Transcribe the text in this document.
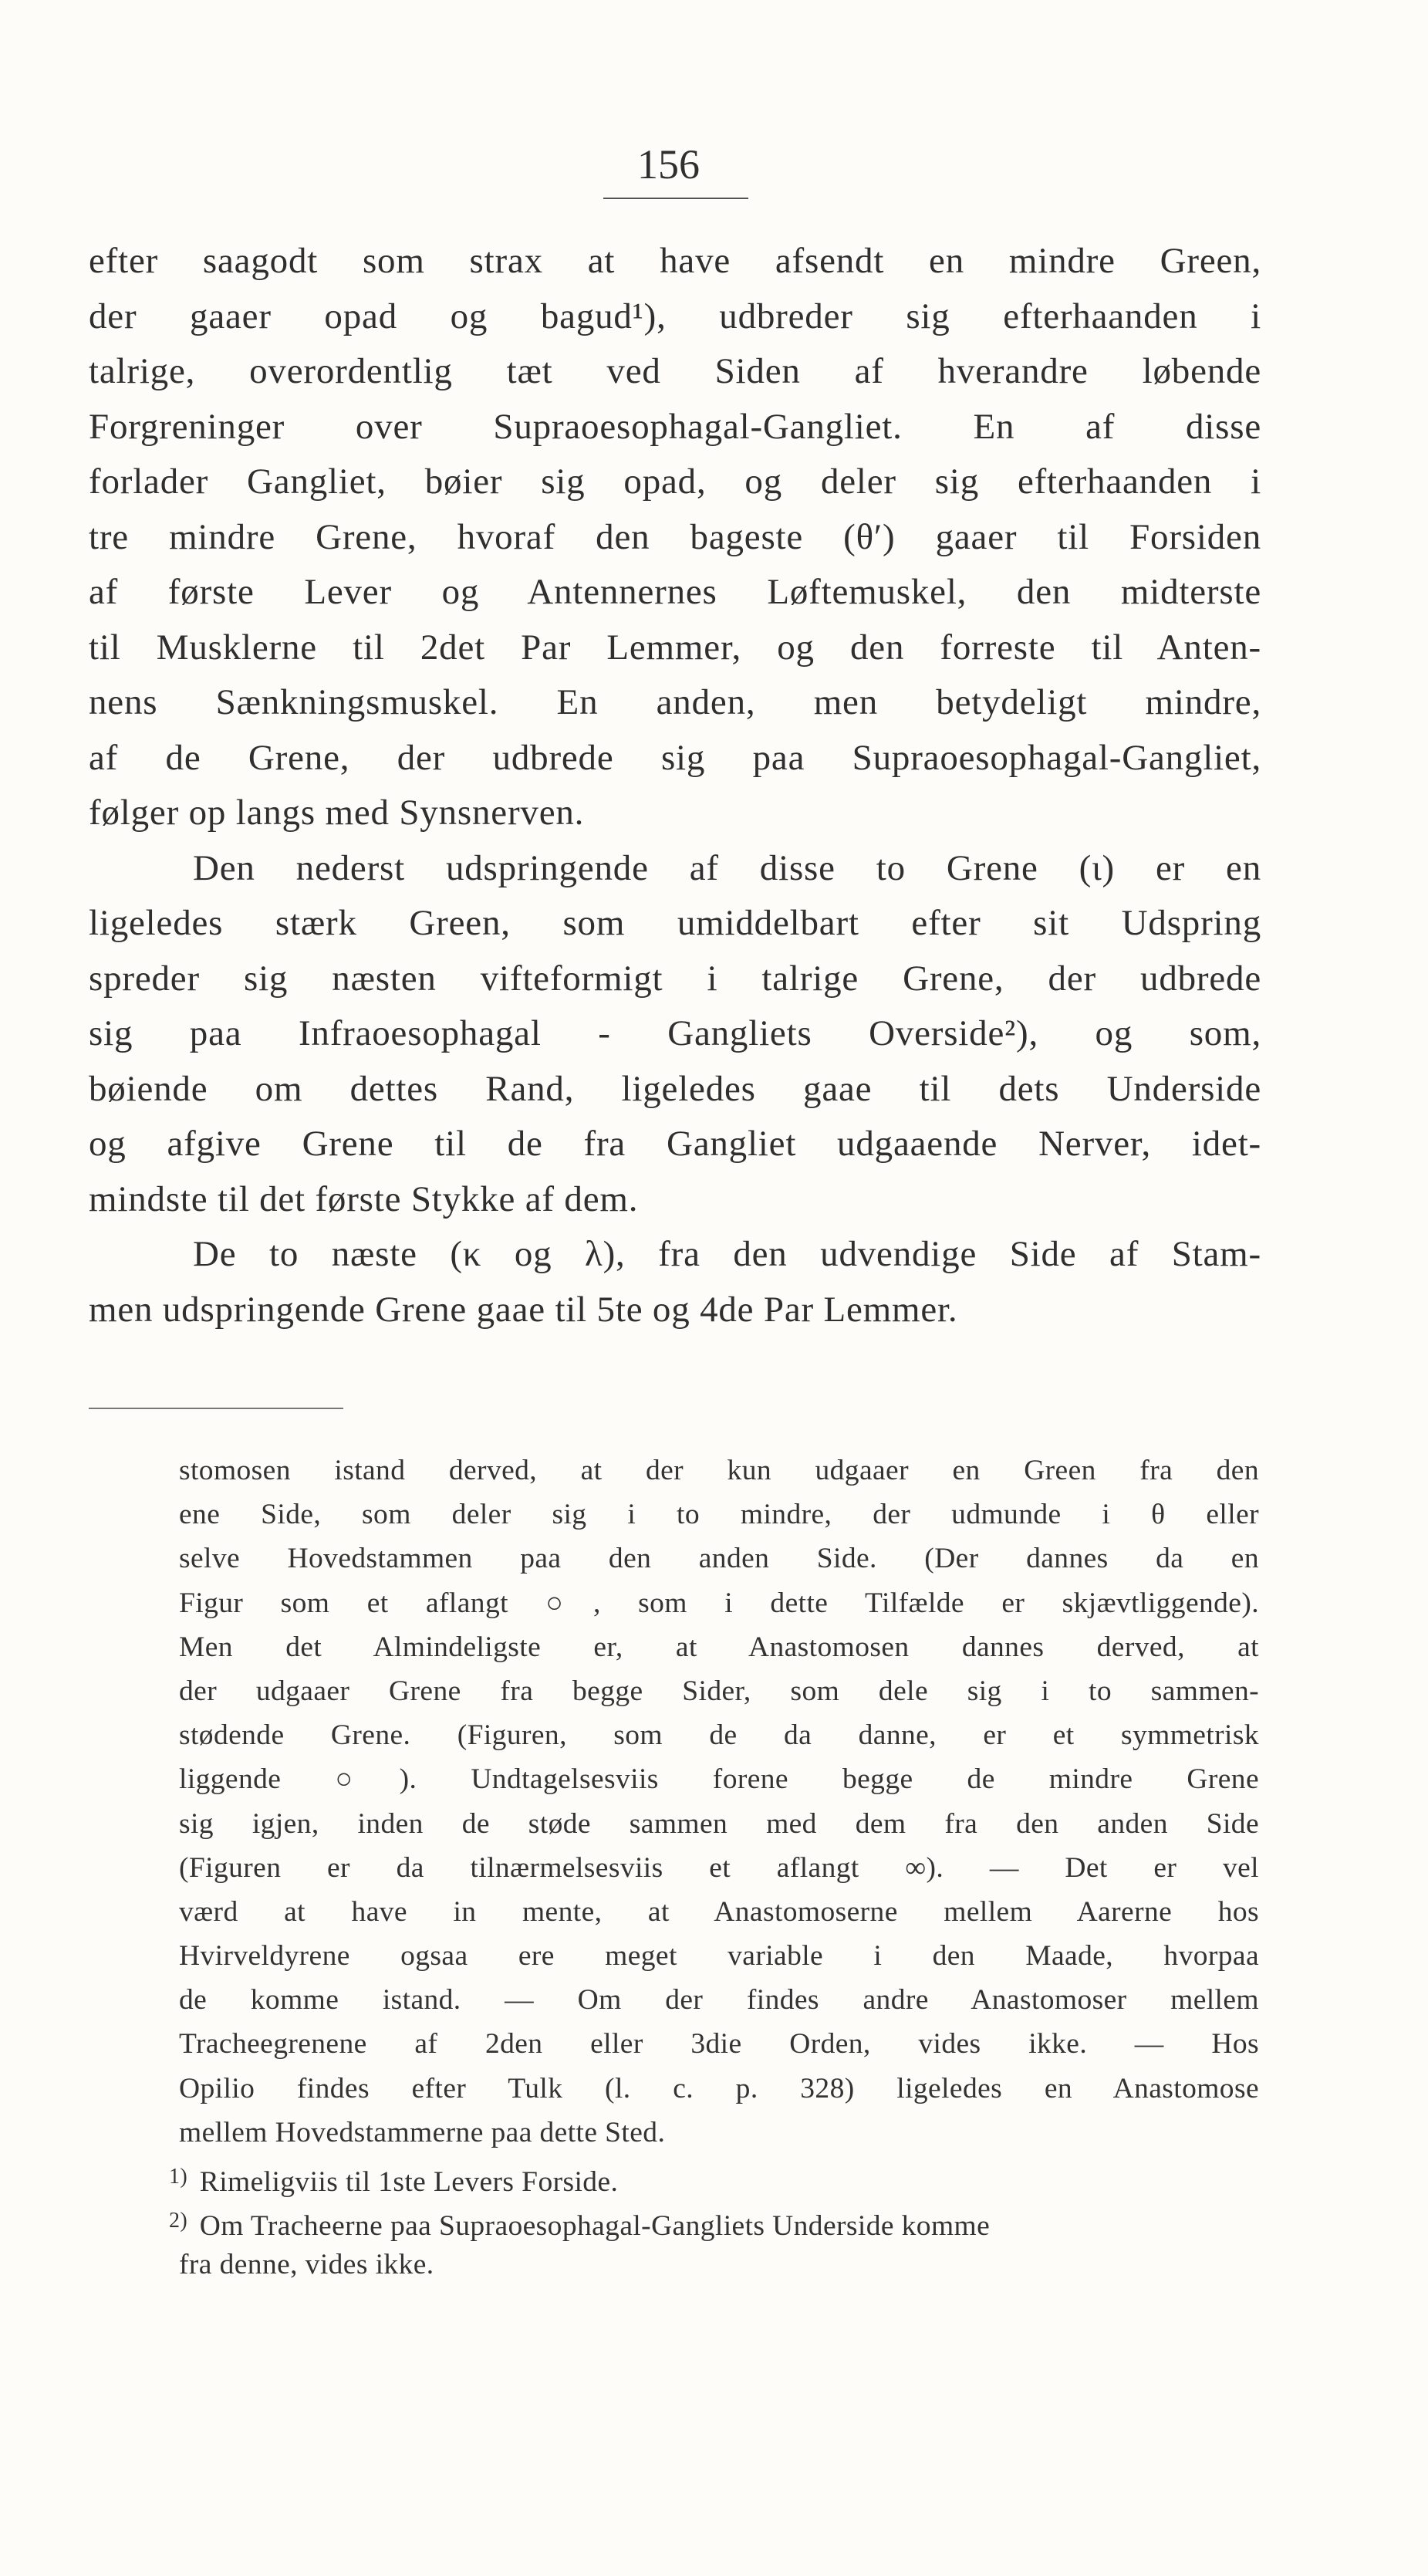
156
efter saagodt som strax at have afsendt en mindre Green,
der gaaer opad og bagud¹), udbreder sig efterhaanden i
talrige, overordentlig tæt ved Siden af hverandre løbende
Forgreninger over Supraoesophagal-Gangliet. En af disse
forlader Gangliet, bøier sig opad, og deler sig efterhaanden i
tre mindre Grene, hvoraf den bageste (θ′) gaaer til Forsiden
af første Lever og Antennernes Løftemuskel, den midterste
til Musklerne til 2det Par Lemmer, og den forreste til Anten-
nens Sænkningsmuskel. En anden, men betydeligt mindre,
af de Grene, der udbrede sig paa Supraoesophagal-Gangliet,
følger op langs med Synsnerven.
Den nederst udspringende af disse to Grene (ι) er en
ligeledes stærk Green, som umiddelbart efter sit Udspring
spreder sig næsten vifteformigt i talrige Grene, der udbrede
sig paa Infraoesophagal - Gangliets Overside²), og som,
bøiende om dettes Rand, ligeledes gaae til dets Underside
og afgive Grene til de fra Gangliet udgaaende Nerver, idet-
mindste til det første Stykke af dem.
De to næste (κ og λ), fra den udvendige Side af Stam-
men udspringende Grene gaae til 5te og 4de Par Lemmer.
stomosen istand derved, at der kun udgaaer en Green fra den
ene Side, som deler sig i to mindre, der udmunde i θ eller
selve Hovedstammen paa den anden Side. (Der dannes da en
Figur som et aflangt ○, som i dette Tilfælde er skjævtliggende).
Men det Almindeligste er, at Anastomosen dannes derved, at
der udgaaer Grene fra begge Sider, som dele sig i to sammen-
stødende Grene. (Figuren, som de da danne, er et symmetrisk
liggende ○). Undtagelsesviis forene begge de mindre Grene
sig igjen, inden de støde sammen med dem fra den anden Side
(Figuren er da tilnærmelsesviis et aflangt ∞). — Det er vel
værd at have in mente, at Anastomoserne mellem Aarerne hos
Hvirveldyrene ogsaa ere meget variable i den Maade, hvorpaa
de komme istand. — Om der findes andre Anastomoser mellem
Tracheegrenene af 2den eller 3die Orden, vides ikke. — Hos
Opilio findes efter Tulk (l. c. p. 328) ligeledes en Anastomose
mellem Hovedstammerne paa dette Sted.
1) Rimeligviis til 1ste Levers Forside.
2) Om Tracheerne paa Supraoesophagal-Gangliets Underside komme
fra denne, vides ikke.
